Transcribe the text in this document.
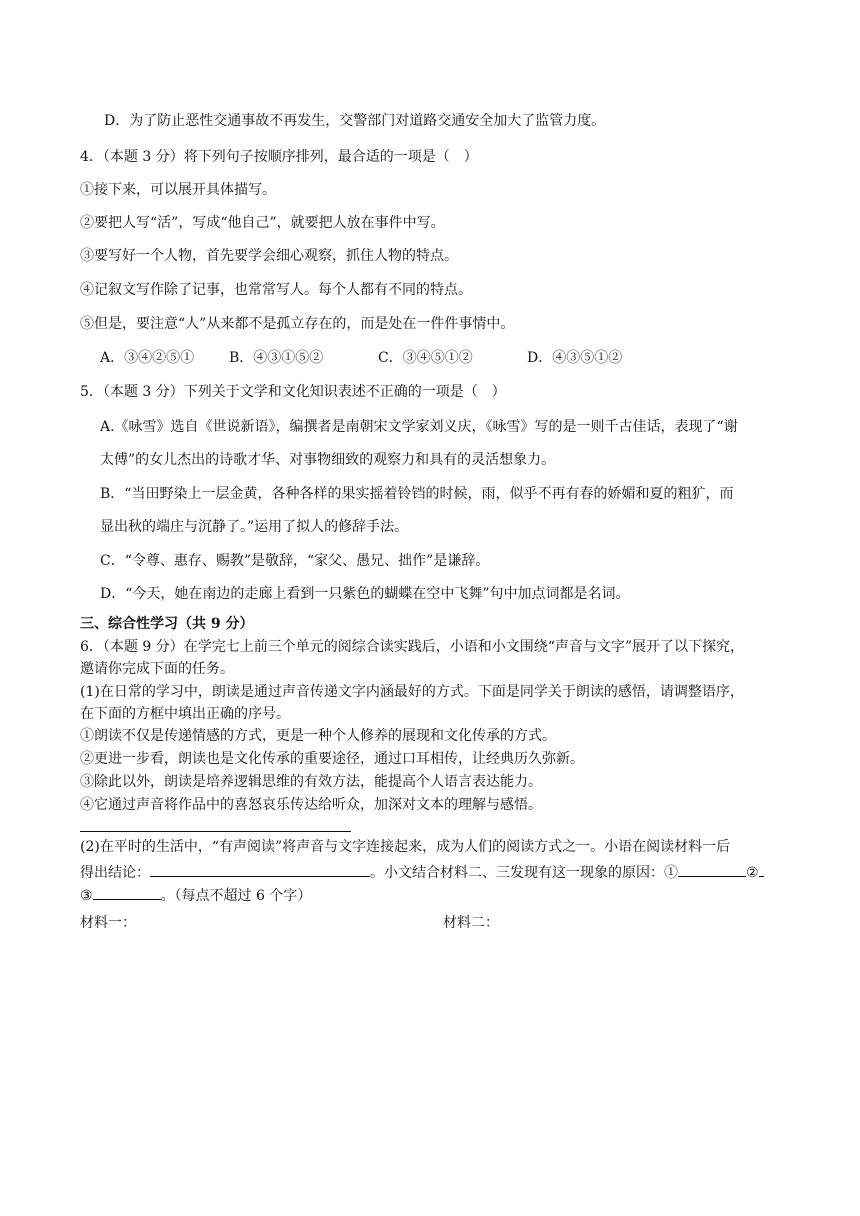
D．为了防止恶性交通事故不再发生，交警部门对道路交通安全加大了监管力度。
4．（本题 3 分）将下列句子按顺序排列，最合适的一项是（　）
①接下来，可以展开具体描写。
②要把人写“活”，写成“他自己”，就要把人放在事件中写。
③要写好一个人物，首先要学会细心观察，抓住人物的特点。
④记叙文写作除了记事，也常常写人。每个人都有不同的特点。
⑤但是，要注意“人”从来都不是孤立存在的，而是处在一件件事情中。
A．③④②⑤① B．④③①⑤②	C．③④⑤①②	D．④③⑤①②
5．（本题 3 分）下列关于文学和文化知识表述不正确的一项是（　）
A.《咏雪》选自《世说新语》，编撰者是南朝宋文学家刘义庆，《咏雪》写的是一则千古佳话，表现了“谢
太傅”的女儿杰出的诗歌才华、对事物细致的观察力和具有的灵活想象力。
B．“当田野染上一层金黄，各种各样的果实摇着铃铛的时候，雨，似乎不再有春的娇媚和夏的粗犷，而
显出秋的端庄与沉静了。”运用了拟人的修辞手法。
C．“令尊、惠存、赐教”是敬辞，“家父、愚兄、拙作”是谦辞。
D．“今天，她在南边的走廊上看到一只紫色的蝴蝶在空中飞舞”句中加点词都是名词。
三、综合性学习（共 9 分）
6．（本题 9 分）在学完七上前三个单元的阅综合读实践后，小语和小文围绕“声音与文字”展开了以下探究，
邀请你完成下面的任务。
(1)在日常的学习中，朗读是通过声音传递文字内涵最好的方式。下面是同学关于朗读的感悟，请调整语序，
在下面的方框中填出正确的序号。
①朗读不仅是传递情感的方式，更是一种个人修养的展现和文化传承的方式。
②更进一步看，朗读也是文化传承的重要途径，通过口耳相传，让经典历久弥新。
③除此以外，朗读是培养逻辑思维的有效方法，能提高个人语言表达能力。
④它通过声音将作品中的喜怒哀乐传达给听众，加深对文本的理解与感悟。
(2)在平时的生活中，“有声阅读”将声音与文字连接起来，成为人们的阅读方式之一。小语在阅读材料一后
得出结论：	。小文结合材料二、三发现有这一现象的原因：①	②
③	。（每点不超过 6 个字）
材料一：	材料二：
